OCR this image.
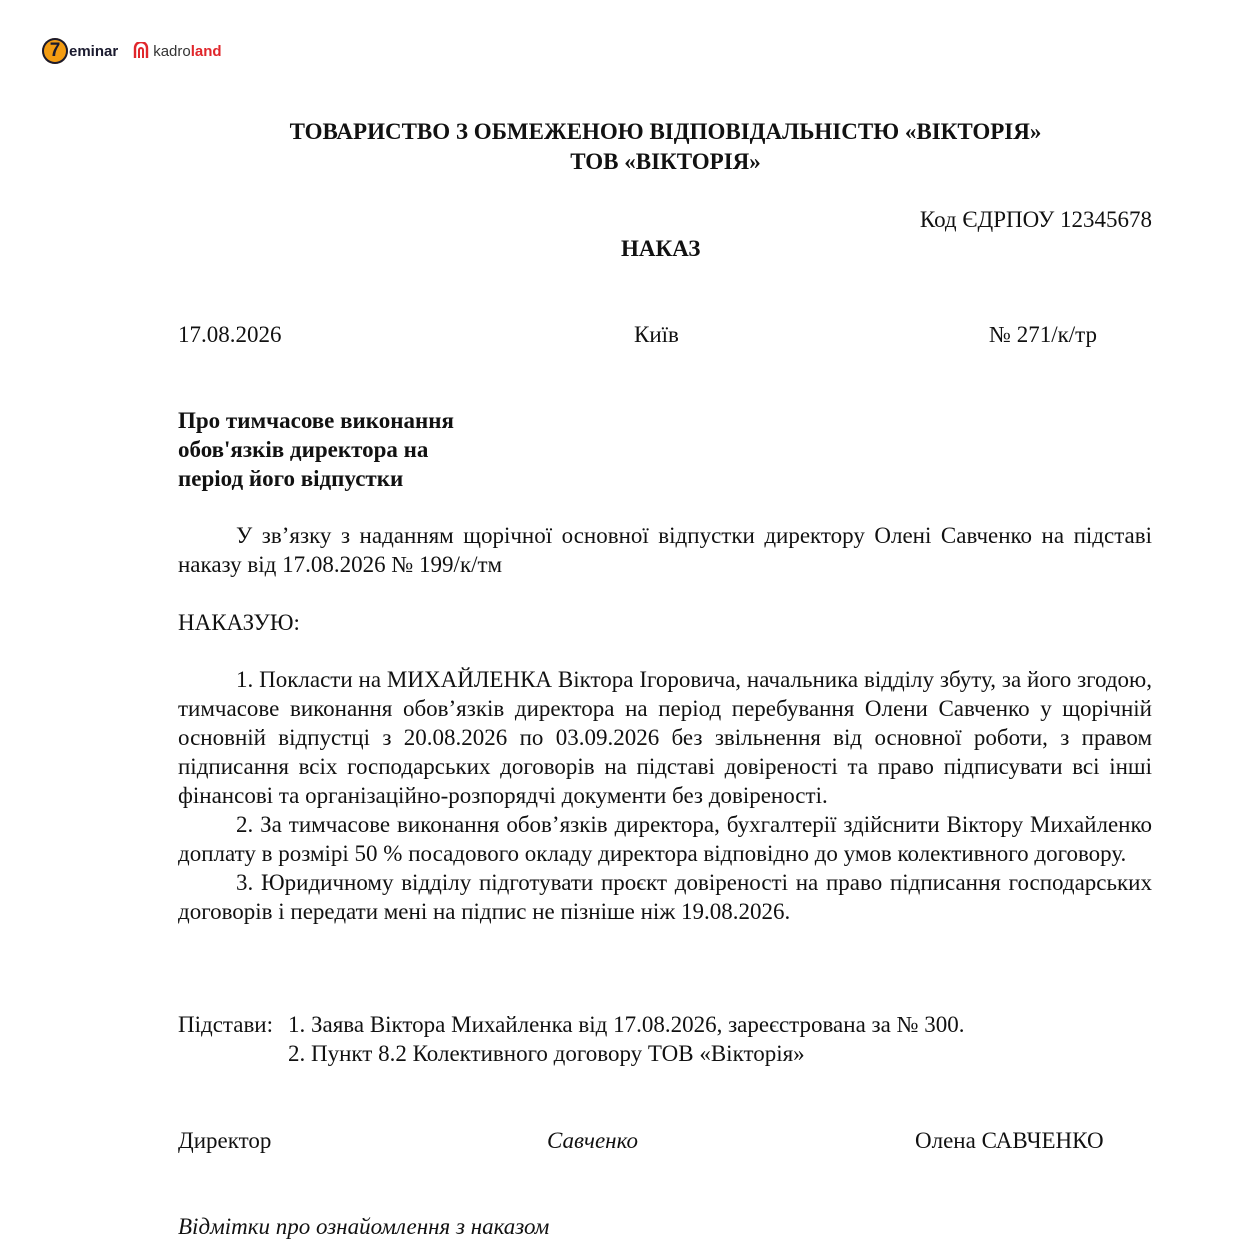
7 eminar kadroland
ТОВАРИСТВО З ОБМЕЖЕНОЮ ВІДПОВІДАЛЬНІСТЮ «ВІКТОРІЯ»
ТОВ «ВІКТОРІЯ»
Код ЄДРПОУ 12345678
НАКАЗ
17.08.2026	Київ	№ 271/к/тр
Про тимчасове виконання
обов'язків директора на
період його відпустки

У зв’язку з наданням щорічної основної відпустки директору Олені Савченко на підставі наказу від 17.08.2026 № 199/к/тм

НАКАЗУЮ:

1. Покласти на МИХАЙЛЕНКА Віктора Ігоровича, начальника відділу збуту, за його згодою, тимчасове виконання обов’язків директора на період перебування Олени Савченко у щорічній основній відпустці з 20.08.2026 по 03.09.2026 без звільнення від основної роботи, з правом підписання всіх господарських договорів на підставі довіреності та право підписувати всі інші фінансові та організаційно-розпорядчі документи без довіреності.

2. За тимчасове виконання обов’язків директора, бухгалтерії здійснити Віктору Михайленко доплату в розмірі 50 % посадового окладу директора відповідно до умов колективного договору.

3. Юридичному відділу підготувати проєкт довіреності на право підписання господарських договорів і передати мені на підпис не пізніше ніж 19.08.2026.

Підстави: 1. Заява Віктора Михайленка від 17.08.2026, зареєстрована за № 300.
2. Пункт 8.2 Колективного договору ТОВ «Вікторія»
Директор	Савченко	Олена САВЧЕНКО
Відмітки про ознайомлення з наказом
